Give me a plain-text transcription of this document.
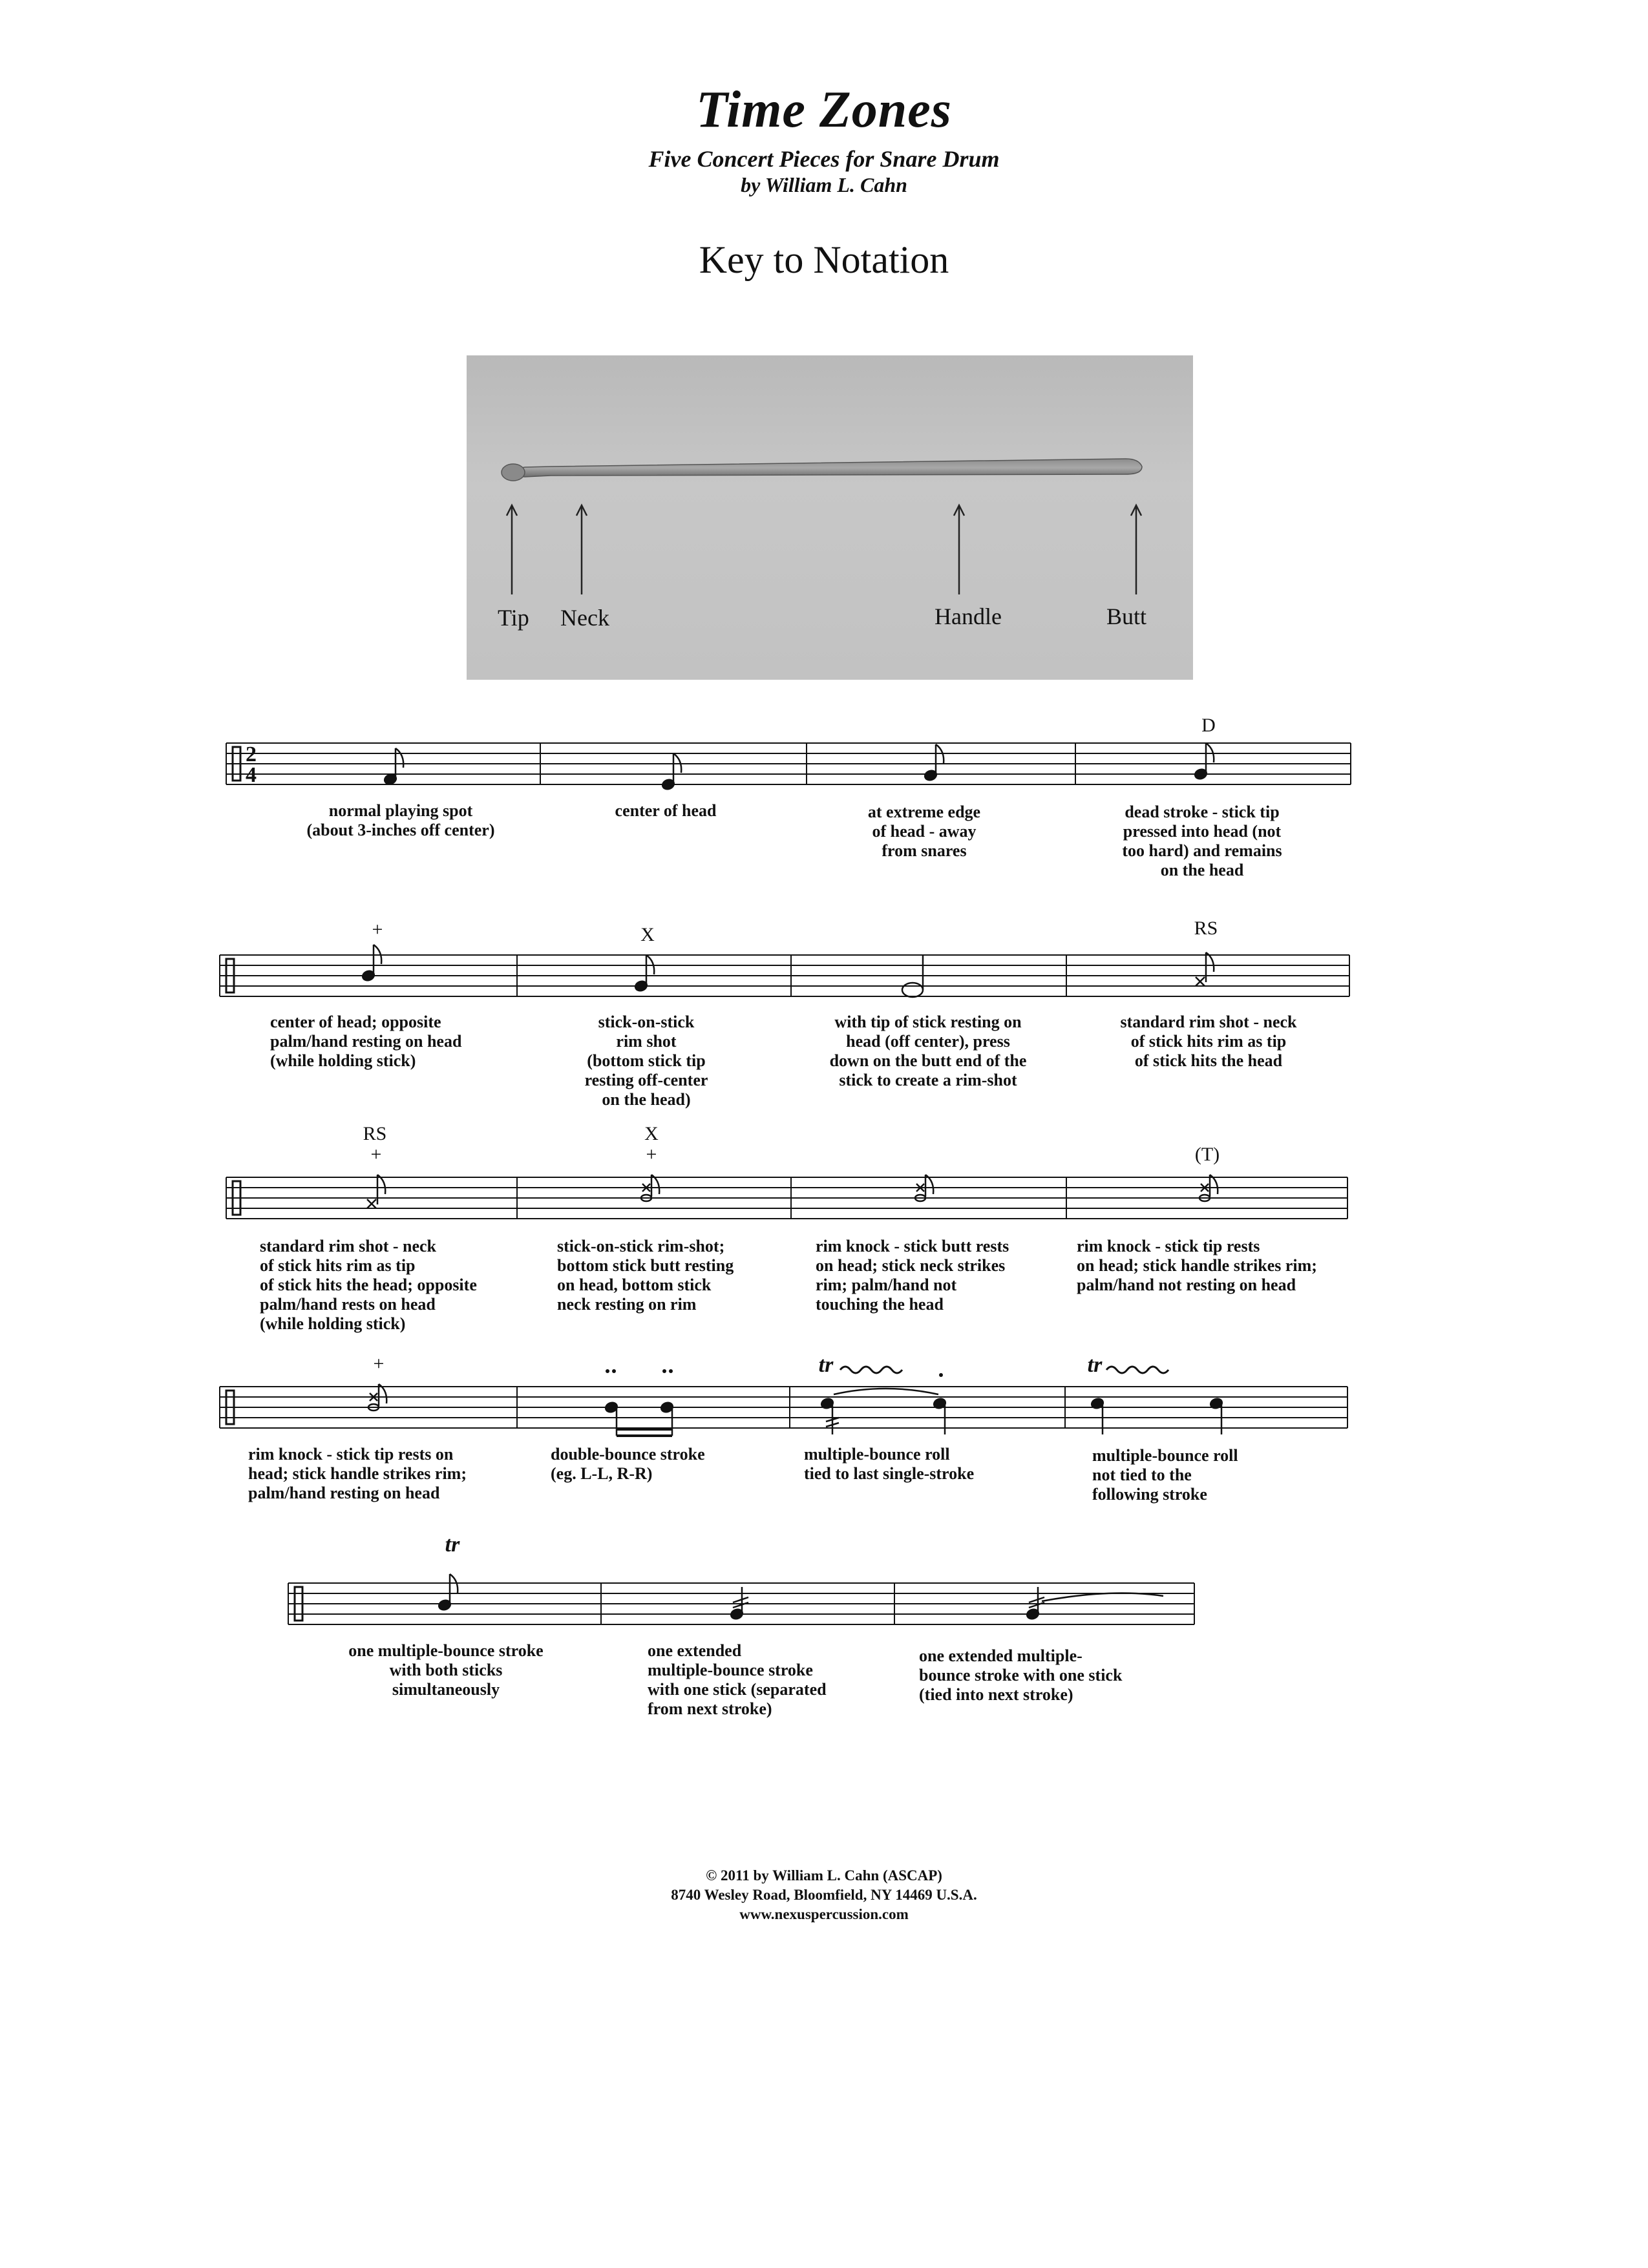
Time Zones
Five Concert Pieces for Snare Drum
by William L. Cahn
Key to Notation
Tip Neck	Handle	Butt
2
4
D
+	X	RS
RS
+
X
+	(T)
+	tr	tr
tr
normal playing spot
(about 3-inches off center)
center of head	at extreme edge
of head - away
from snares
dead stroke - stick tip
pressed into head (not
too hard) and remains
on the head
center of head; opposite
palm/hand resting on head
(while holding stick)
stick-on-stick
rim shot
(bottom stick tip
resting off-center
on the head)
with tip of stick resting on
head (off center), press
down on the butt end of the
stick to create a rim-shot
standard rim shot - neck
of stick hits rim as tip
of stick hits the head
standard rim shot - neck
of stick hits rim as tip
of stick hits the head; opposite
palm/hand rests on head
(while holding stick)
stick-on-stick rim-shot;
bottom stick butt resting
on head, bottom stick
neck resting on rim
rim knock - stick butt rests
on head; stick neck strikes
rim; palm/hand not
touching the head
rim knock - stick tip rests
on head; stick handle strikes rim;
palm/hand not resting on head
rim knock - stick tip rests on
head; stick handle strikes rim;
palm/hand resting on head
double-bounce stroke
(eg. L-L, R-R)
multiple-bounce roll
tied to last single-stroke
multiple-bounce roll
not tied to the
following stroke
one multiple-bounce stroke
with both sticks
simultaneously
one extended
multiple-bounce stroke
with one stick (separated
from next stroke)
one extended multiple-
bounce stroke with one stick
(tied into next stroke)
© 2011 by William L. Cahn (ASCAP)
8740 Wesley Road, Bloomfield, NY 14469 U.S.A.
www.nexuspercussion.com
